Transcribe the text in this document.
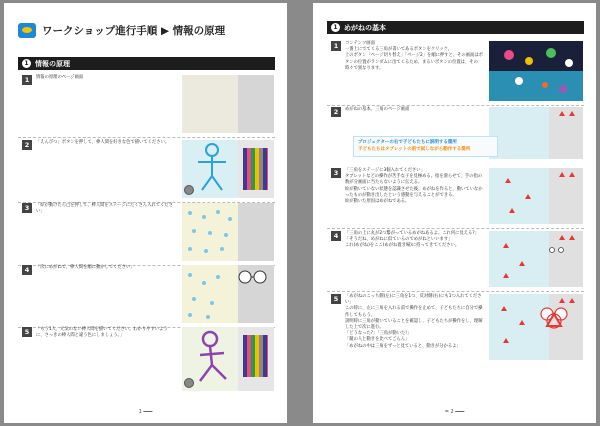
ワークショップ進行手順 ▶ 情報の原理
1 情報の原理
1	情報の原理のページ画面
2	「えんぴつ」ボタンを押して、棒人間を好きな色で描いてください。
3	「絵が動けたら□を押して、棒人間をステージにたくさん入れてください」
4	「次にめがねで、棒人間を順に動かしてください」
5	「もう1人、元気のない棒人間を描いてください。わかりやすいように、さっきの棒人間と違う色にしましょう。」
1 ━━━
1 めがねの基本
1	コンテンツ画面
一番上にでてくる三角が書いてあるボタンをクリック、
上のボタン「ページ切り替え」「ページ2」を順に押すと、その画面はボタンの位置がランダムに出てくるため、まるいボタンの位置は、その時々で異なります。
2	めがねの基本、三角のページ画面
プロジェクターの右で子どもたちに説明する箇所
子どもたちはタブレットの前で試しながら動作する箇所
3	「三角をステージに3個入れてください」
タブレットなどの操作が苦手な子を見極める。指を滑らせて、手の指の数が分画面に当たらないように伝える。
絵が動いていない状態を認識させた後、めがねを作ると、動いていなかったものが動き出したという感動を与えることができる。
絵が動いた原因はめがねである。
4	「三角の上に丸が2つ繋がっているめがねあるよ。これ何に見える?」
「そうだね、めがねに似ているのでめがねといいます」
これ(めがね)をここ(めがね置き場)に持ってきてください。
5	「めがねのこっち側(左)に三角を1つ、反対側(右)にも1つ入れてください」
この時に、左に三角を入れる前で操作を止めて、子どもたちに自分で操作してもらう。
説明時に三角が動いていることを確認し、子どもたちが操作をし、理解した上で次に進む。
「どうなった?」「三角が動いた!」
「鏡の人と動きを比べてごらん」
「めがねの中は三角をずっと見ていると、動きが分かるよ」
= 2 ━━━
